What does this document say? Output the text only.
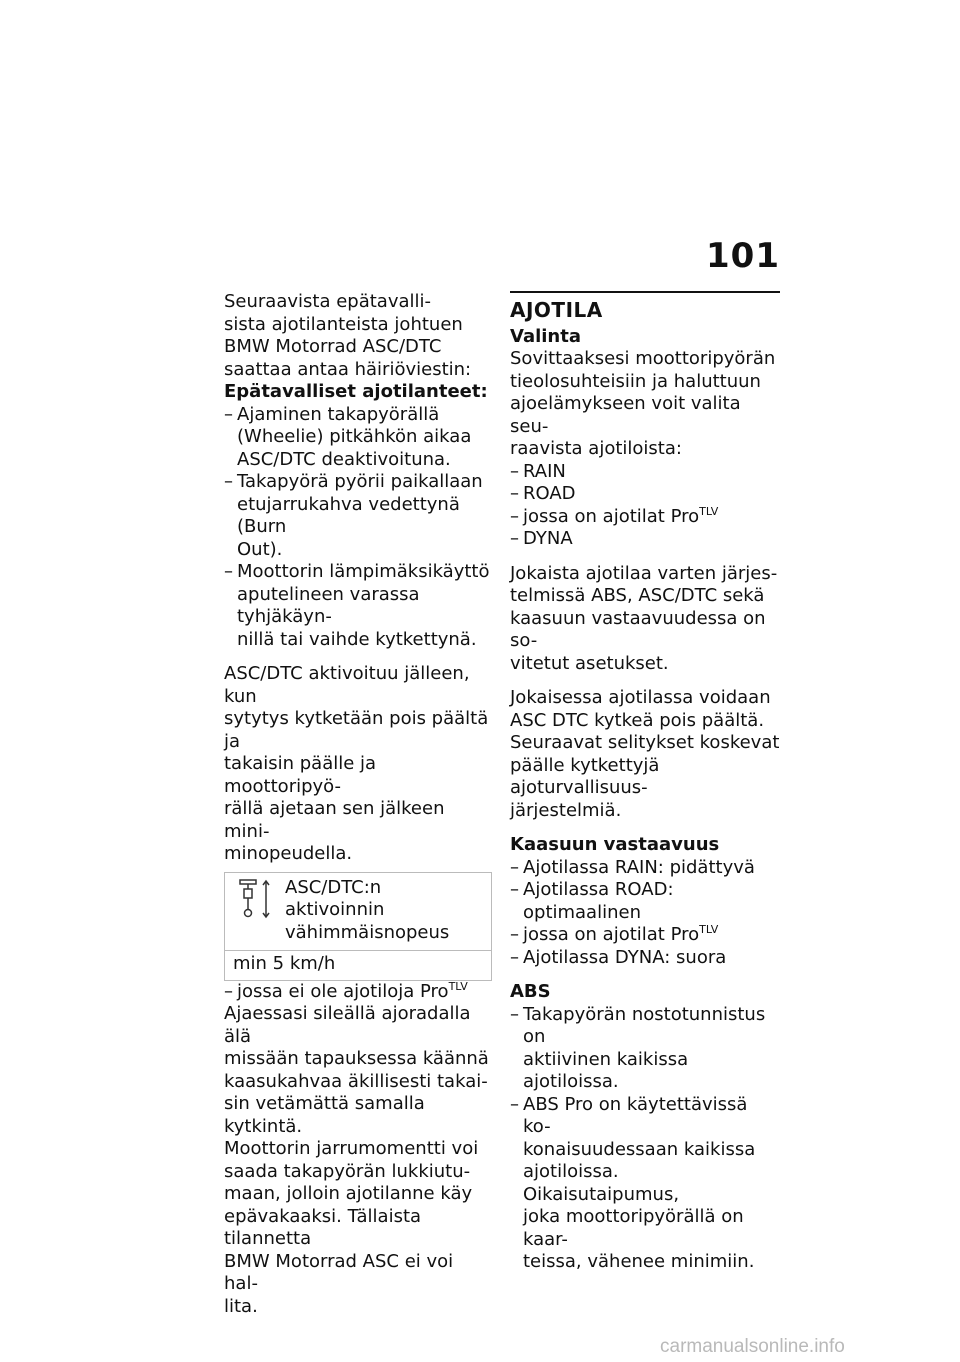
101

Seuraavista epätavalli-
sista ajotilanteista johtuen
BMW Motorrad ASC/DTC
saattaa antaa häiriöviestin:

Epätavalliset ajotilanteet:

– Ajaminen takapyörällä
(Wheelie) pitkähkön aikaa
ASC/DTC deaktivoituna.
– Takapyörä pyörii paikallaan
etujarrukahva vedettynä (Burn
Out).
– Moottorin lämpimäksikäyttö
aputelineen varassa tyhjäkäyn-
nillä tai vaihde kytkettynä.

ASC/DTC aktivoituu jälleen, kun
sytytys kytketään pois päältä ja
takaisin päälle ja moottoripyö-
rällä ajetaan sen jälkeen mini-
minopeudella.

ASC/DTC:n aktivoinnin
vähimmäisnopeus
min 5 km/h
– jossa ei ole ajotiloja Pro$^{TLV}$

Ajaessasi sileällä ajoradalla älä
missään tapauksessa käännä
kaasukahvaa äkillisesti takai-
sin vetämättä samalla kytkintä.
Moottorin jarrumomentti voi
saada takapyörän lukkiutu-
maan, jolloin ajotilanne käy
epävakaaksi. Tällaista tilannetta
BMW Motorrad ASC ei voi hal-
lita.

AJOTILA

Valinta

Sovittaaksesi moottoripyörän
tieolosuhteisiin ja haluttuun
ajoelämykseen voit valita seu-
raavista ajotiloista:

– RAIN
– ROAD
– jossa on ajotilat Pro$^{TLV}$
– DYNA

Jokaista ajotilaa varten järjes-
telmissä ABS, ASC/DTC sekä
kaasuun vastaavuudessa on so-
vitetut asetukset.

Jokaisessa ajotilassa voidaan
ASC DTC kytkeä pois päältä.
Seuraavat selitykset koskevat
päälle kytkettyjä ajoturvallisuus-
järjestelmiä.

Kaasuun vastaavuus

– Ajotilassa RAIN: pidättyvä
– Ajotilassa ROAD: optimaalinen
– jossa on ajotilat Pro$^{TLV}$
– Ajotilassa DYNA: suora

ABS

– Takapyörän nostotunnistus on
aktiivinen kaikissa ajotiloissa.
– ABS Pro on käytettävissä ko-
konaisuudessaan kaikissa
ajotiloissa. Oikaisutaipumus,
joka moottoripyörällä on kaar-
teissa, vähenee minimiin.
carmanualsonline.info
